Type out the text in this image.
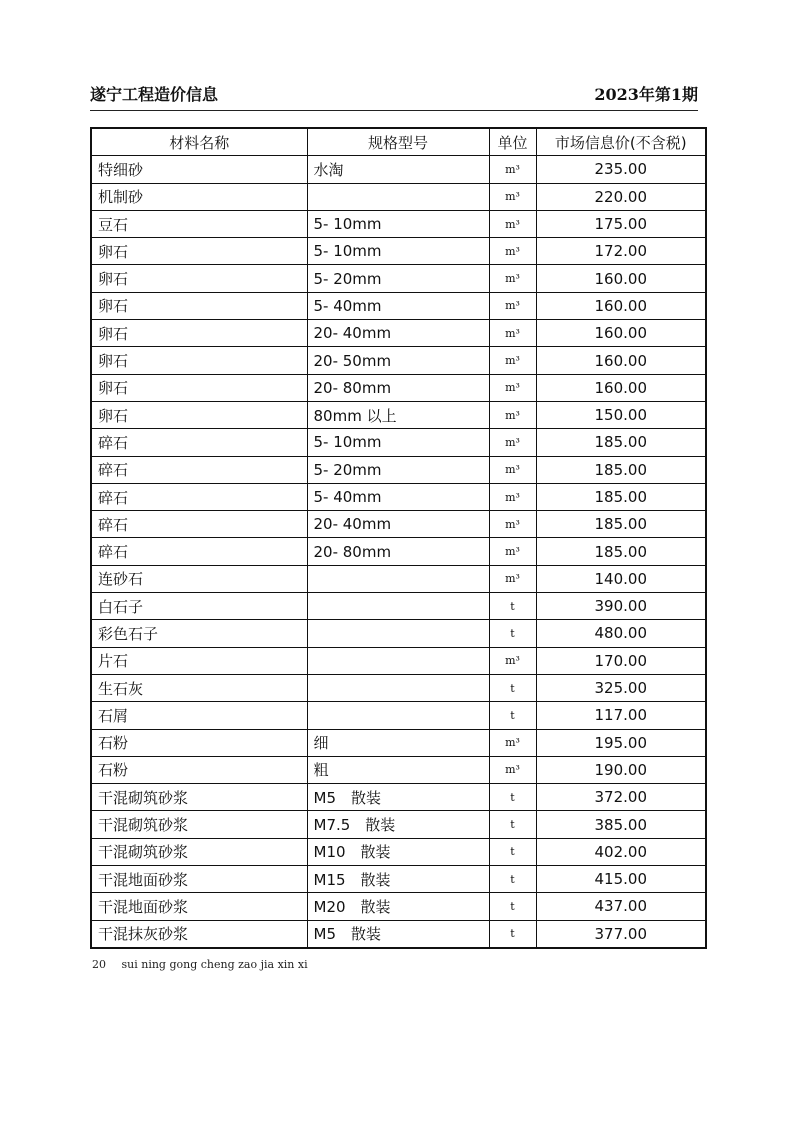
遂宁工程造价信息	2023年第1期
材料名称	规格型号	单位	市场信息价(不含税)
特细砂	水淘	m³	235.00
机制砂		m³	220.00
豆石	5- 10mm	m³	175.00
卵石	5- 10mm	m³	172.00
卵石	5- 20mm	m³	160.00
卵石	5- 40mm	m³	160.00
卵石	20- 40mm	m³	160.00
卵石	20- 50mm	m³	160.00
卵石	20- 80mm	m³	160.00
卵石	80mm 以上	m³	150.00
碎石	5- 10mm	m³	185.00
碎石	5- 20mm	m³	185.00
碎石	5- 40mm	m³	185.00
碎石	20- 40mm	m³	185.00
碎石	20- 80mm	m³	185.00
连砂石		m³	140.00
白石子		t	390.00
彩色石子		t	480.00
片石		m³	170.00
生石灰		t	325.00
石屑		t	117.00
石粉	细	m³	195.00
石粉	粗	m³	190.00
干混砌筑砂浆	M5　散装	t	372.00
干混砌筑砂浆	M7.5　散装	t	385.00
干混砌筑砂浆	M10　散装	t	402.00
干混地面砂浆	M15　散装	t	415.00
干混地面砂浆	M20　散装	t	437.00
干混抹灰砂浆	M5　散装	t	377.00
20 sui ning gong cheng zao jia xin xi
